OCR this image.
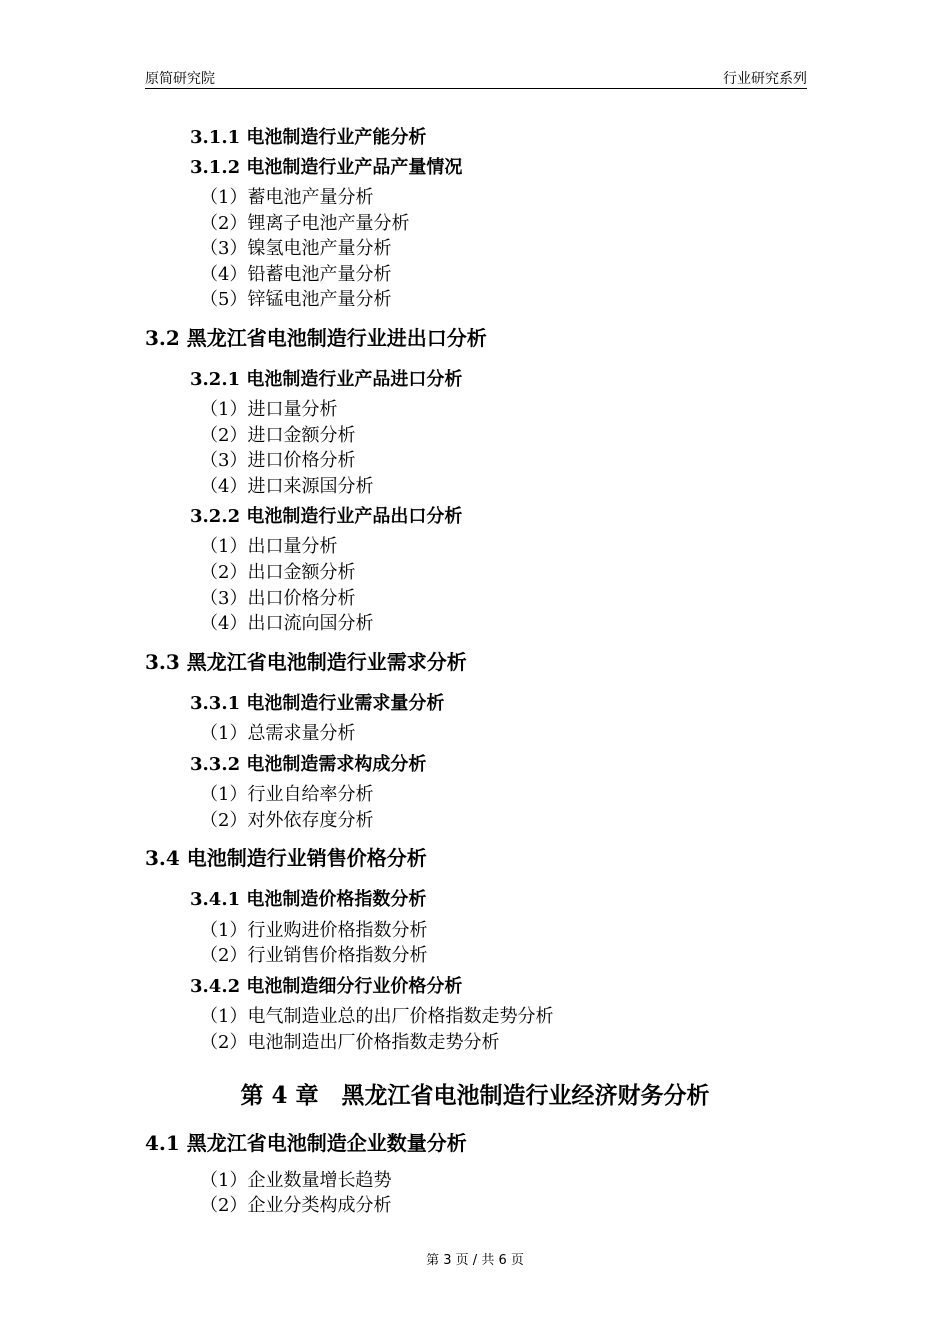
原简研究院	行业研究系列
3.1.1 电池制造行业产能分析
3.1.2 电池制造行业产品产量情况
（1）蓄电池产量分析
（2）锂离子电池产量分析
（3）镍氢电池产量分析
（4）铅蓄电池产量分析
（5）锌锰电池产量分析
3.2 黑龙江省电池制造行业进出口分析
3.2.1 电池制造行业产品进口分析
（1）进口量分析
（2）进口金额分析
（3）进口价格分析
（4）进口来源国分析
3.2.2 电池制造行业产品出口分析
（1）出口量分析
（2）出口金额分析
（3）出口价格分析
（4）出口流向国分析
3.3 黑龙江省电池制造行业需求分析
3.3.1 电池制造行业需求量分析
（1）总需求量分析
3.3.2 电池制造需求构成分析
（1）行业自给率分析
（2）对外依存度分析
3.4 电池制造行业销售价格分析
3.4.1 电池制造价格指数分析
（1）行业购进价格指数分析
（2）行业销售价格指数分析
3.4.2 电池制造细分行业价格分析
（1）电气制造业总的出厂价格指数走势分析
（2）电池制造出厂价格指数走势分析
第 4 章　黑龙江省电池制造行业经济财务分析
4.1 黑龙江省电池制造企业数量分析
（1）企业数量增长趋势
（2）企业分类构成分析
第 3 页 / 共 6 页
